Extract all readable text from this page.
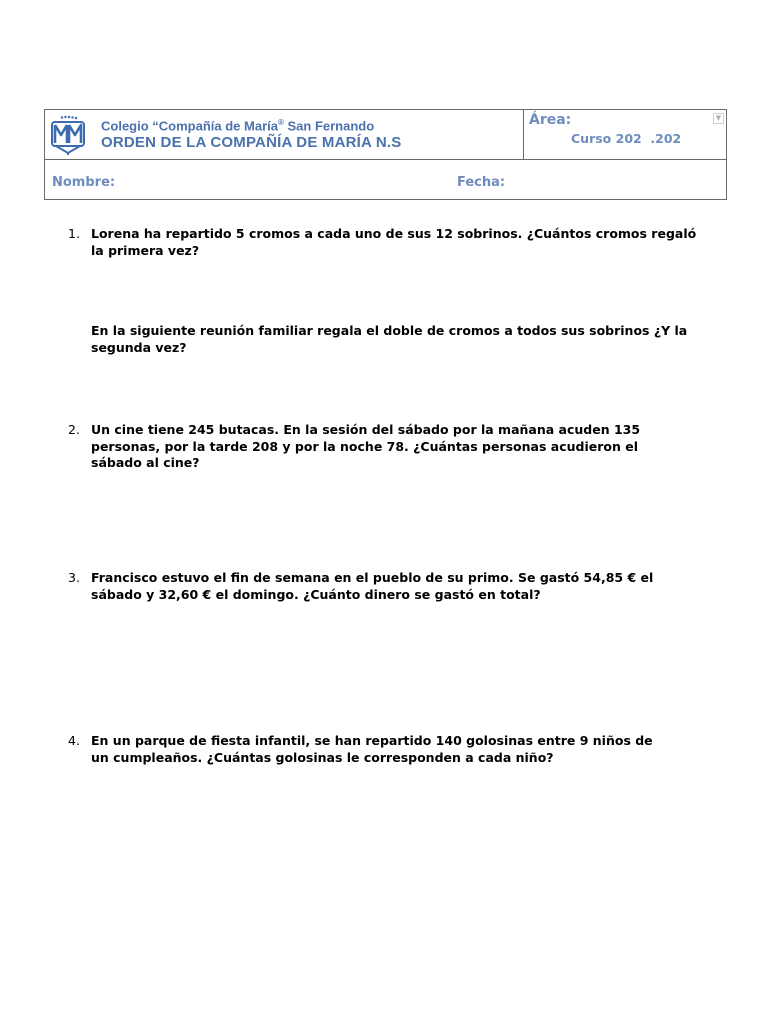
Colegio “Compañía de María® San Fernando
ORDEN DE LA COMPAÑÍA DE MARÍA N.S
Área:
Curso 202  .202
▼
Nombre:	Fecha:
1. Lorena ha repartido 5 cromos a cada uno de sus 12 sobrinos. ¿Cuántos cromos regaló la primera vez?
En la siguiente reunión familiar regala el doble de cromos a todos sus sobrinos ¿Y la segunda vez?
2. Un cine tiene 245 butacas. En la sesión del sábado por la mañana acuden 135 personas, por la tarde 208 y por la noche 78. ¿Cuántas personas acudieron el sábado al cine?
3. Francisco estuvo el fin de semana en el pueblo de su primo. Se gastó 54,85 € el sábado y 32,60 € el domingo. ¿Cuánto dinero se gastó en total?
4. En un parque de fiesta infantil, se han repartido 140 golosinas entre 9 niños de un cumpleaños. ¿Cuántas golosinas le corresponden a cada niño?
